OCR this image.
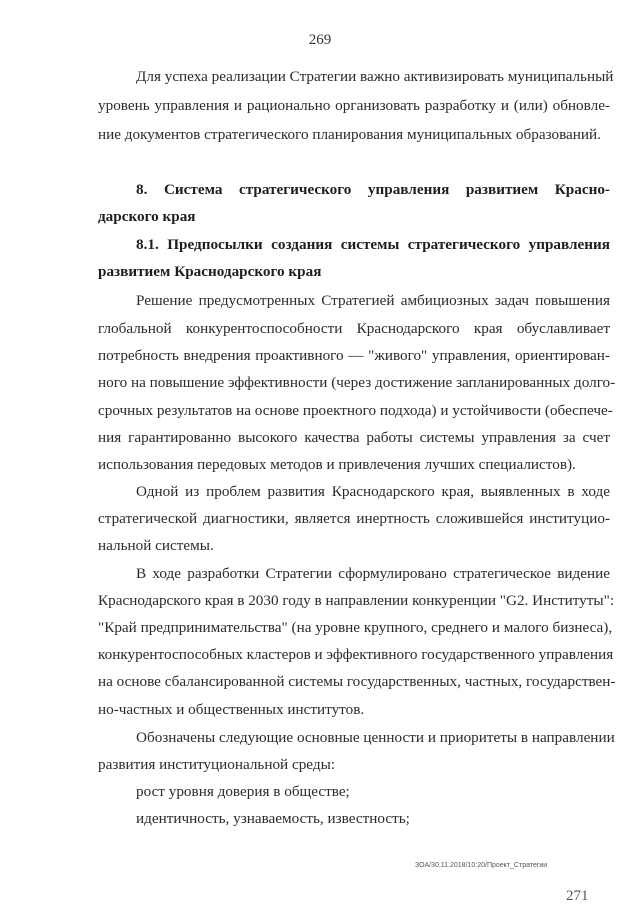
269
Для успеха реализации Стратегии важно активизировать муниципальный
уровень управления и рационально организовать разработку и (или) обновле-
ние документов стратегического планирования муниципальных образований.
8. Система стратегического управления развитием Красно-
дарского края
8.1. Предпосылки создания системы стратегического управления
развитием Краснодарского края
Решение предусмотренных Стратегией амбициозных задач повышения
глобальной конкурентоспособности Краснодарского края обуславливает
потребность внедрения проактивного — "живого" управления, ориентирован-
ного на повышение эффективности (через достижение запланированных долго-
срочных результатов на основе проектного подхода) и устойчивости (обеспече-
ния гарантированно высокого качества работы системы управления за счет
использования передовых методов и привлечения лучших специалистов).
Одной из проблем развития Краснодарского края, выявленных в ходе
стратегической диагностики, является инертность сложившейся институцио-
нальной системы.
В ходе разработки Стратегии сформулировано стратегическое видение
Краснодарского края в 2030 году в направлении конкуренции "G2. Институты":
"Край предпринимательства" (на уровне крупного, среднего и малого бизнеса),
конкурентоспособных кластеров и эффективного государственного управления
на основе сбалансированной системы государственных, частных, государствен-
но-частных и общественных институтов.
Обозначены следующие основные ценности и приоритеты в направлении
развития институциональной среды:
рост уровня доверия в обществе;
идентичность, узнаваемость, известность;
ЗОА/30.11.2018/10:20/Проект_Стратегии
271
